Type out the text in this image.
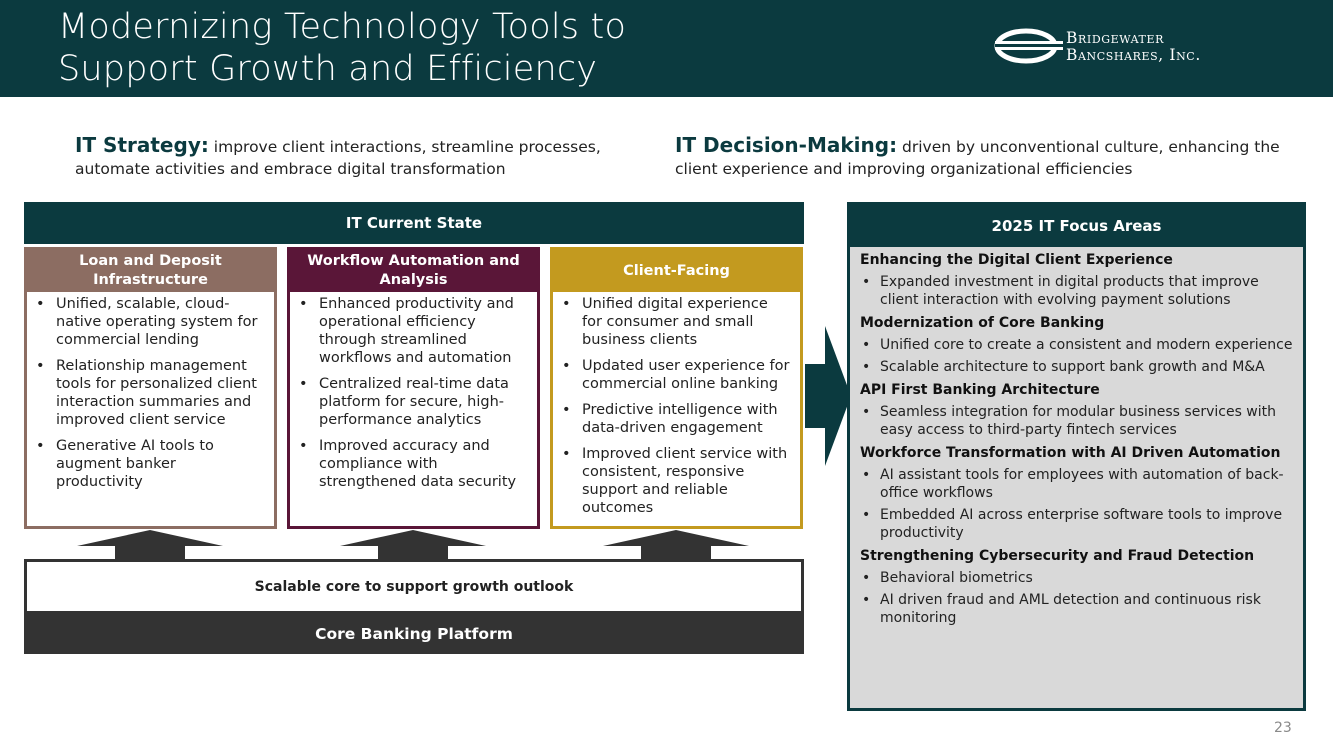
Modernizing Technology Tools to
Support Growth and Efficiency
Bridgewater
Bancshares, Inc.
IT Strategy: improve client interactions, streamline processes, automate activities and embrace digital transformation
IT Decision-Making: driven by unconventional culture, enhancing the client experience and improving organizational efficiencies
IT Current State
Loan and Deposit Infrastructure
• Unified, scalable, cloud-native operating system for commercial lending
• Relationship management tools for personalized client interaction summaries and improved client service
• Generative AI tools to augment banker productivity
Workflow Automation and Analysis
• Enhanced productivity and operational efficiency through streamlined workflows and automation
• Centralized real-time data platform for secure, high-performance analytics
• Improved accuracy and compliance with strengthened data security
Client-Facing
• Unified digital experience for consumer and small business clients
• Updated user experience for commercial online banking
• Predictive intelligence with data-driven engagement
• Improved client service with consistent, responsive support and reliable outcomes
Scalable core to support growth outlook
Core Banking Platform
2025 IT Focus Areas
Enhancing the Digital Client Experience
• Expanded investment in digital products that improve client interaction with evolving payment solutions
Modernization of Core Banking
• Unified core to create a consistent and modern experience
• Scalable architecture to support bank growth and M&A
API First Banking Architecture
• Seamless integration for modular business services with easy access to third-party fintech services
Workforce Transformation with AI Driven Automation
• AI assistant tools for employees with automation of back-office workflows
• Embedded AI across enterprise software tools to improve productivity
Strengthening Cybersecurity and Fraud Detection
• Behavioral biometrics
• AI driven fraud and AML detection and continuous risk monitoring
23
